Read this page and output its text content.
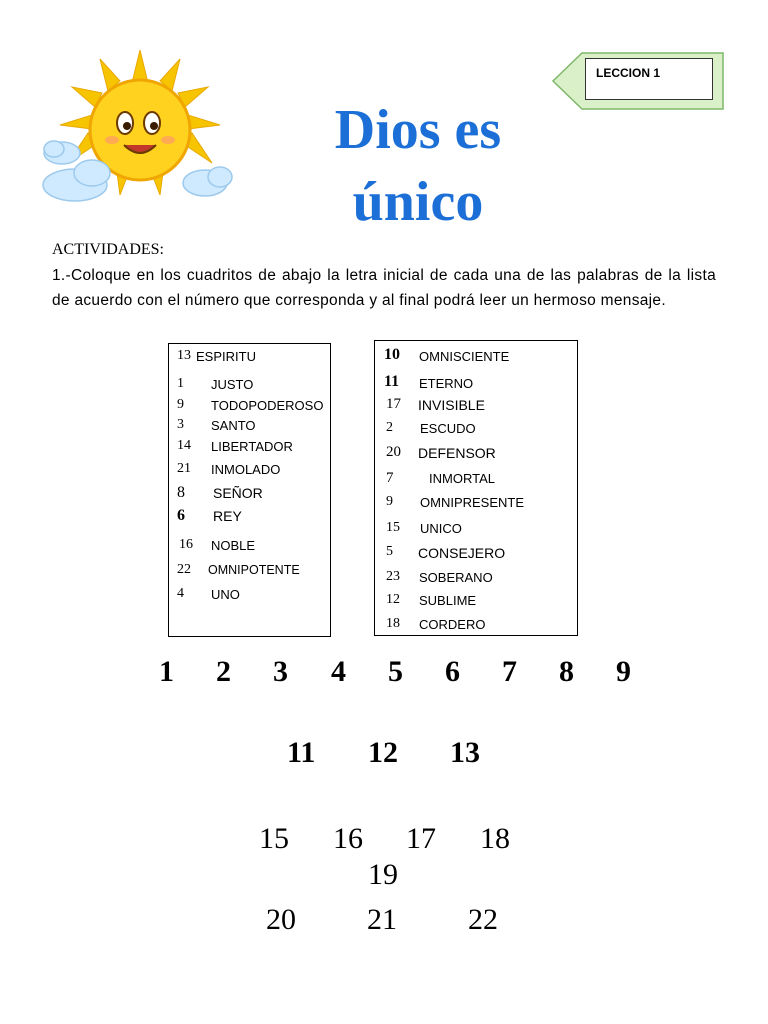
LECCION 1
Dios es
único
ACTIVIDADES:
1.-Coloque en los cuadritos de abajo la letra inicial de cada una de las palabras de la lista de acuerdo con el número que corresponda y al final podrá leer un hermoso mensaje.
13 ESPIRITU
1 JUSTO
9 TODOPODEROSO
3 SANTO
14 LIBERTADOR
21 INMOLADO
8 SEÑOR
6 REY
16 NOBLE
22 OMNIPOTENTE
4 UNO
10 OMNISCIENTE
11 ETERNO
17 INVISIBLE
2 ESCUDO
20 DEFENSOR
7	INMORTAL
9 OMNIPRESENTE
15 UNICO
5 CONSEJERO
23 SOBERANO
12 SUBLIME
18 CORDERO
1 2 3 4 5 6 7 8 9
11 12 13
15 16 17 18
19
20 21 22
